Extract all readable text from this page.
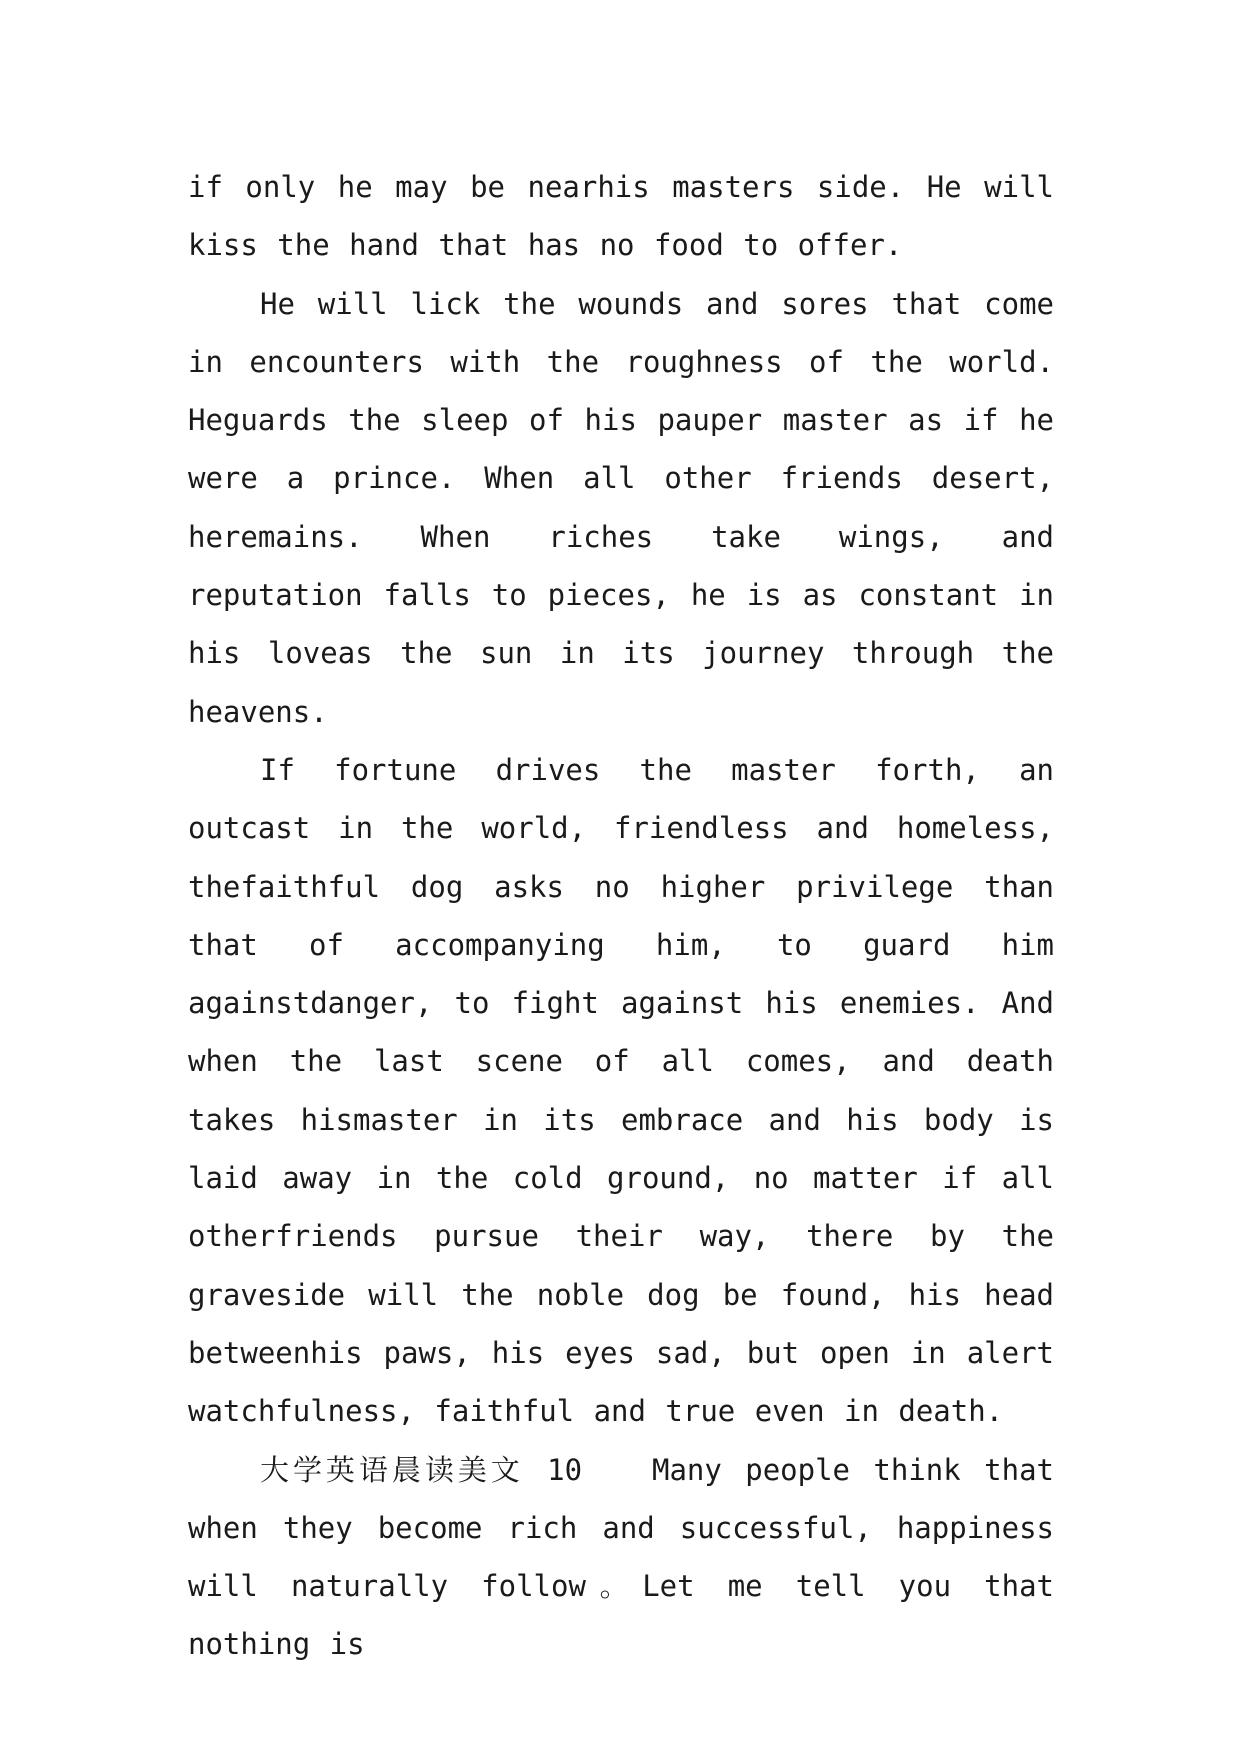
if only he may be nearhis masters side. He will kiss the hand that has no food to offer.

He will lick the wounds and sores that come in encounters with the roughness of the world. Heguards the sleep of his pauper master as if he were a prince. When all other friends desert, heremains. When riches take wings, and reputation falls to pieces, he is as constant in his loveas the sun in its journey through the heavens.

If fortune drives the master forth, an outcast in the world, friendless and homeless, thefaithful dog asks no higher privilege than that of accompanying him, to guard him againstdanger, to fight against his enemies. And when the last scene of all comes, and death takes hismaster in its embrace and his body is laid away in the cold ground, no matter if all otherfriends pursue their way, there by the graveside will the noble dog be found, his head betweenhis paws, his eyes sad, but open in alert watchfulness, faithful and true even in death.

大学英语晨读美文 10　　Many people think that when they become rich and successful, happiness will naturally follow。Let me tell you that nothing is
